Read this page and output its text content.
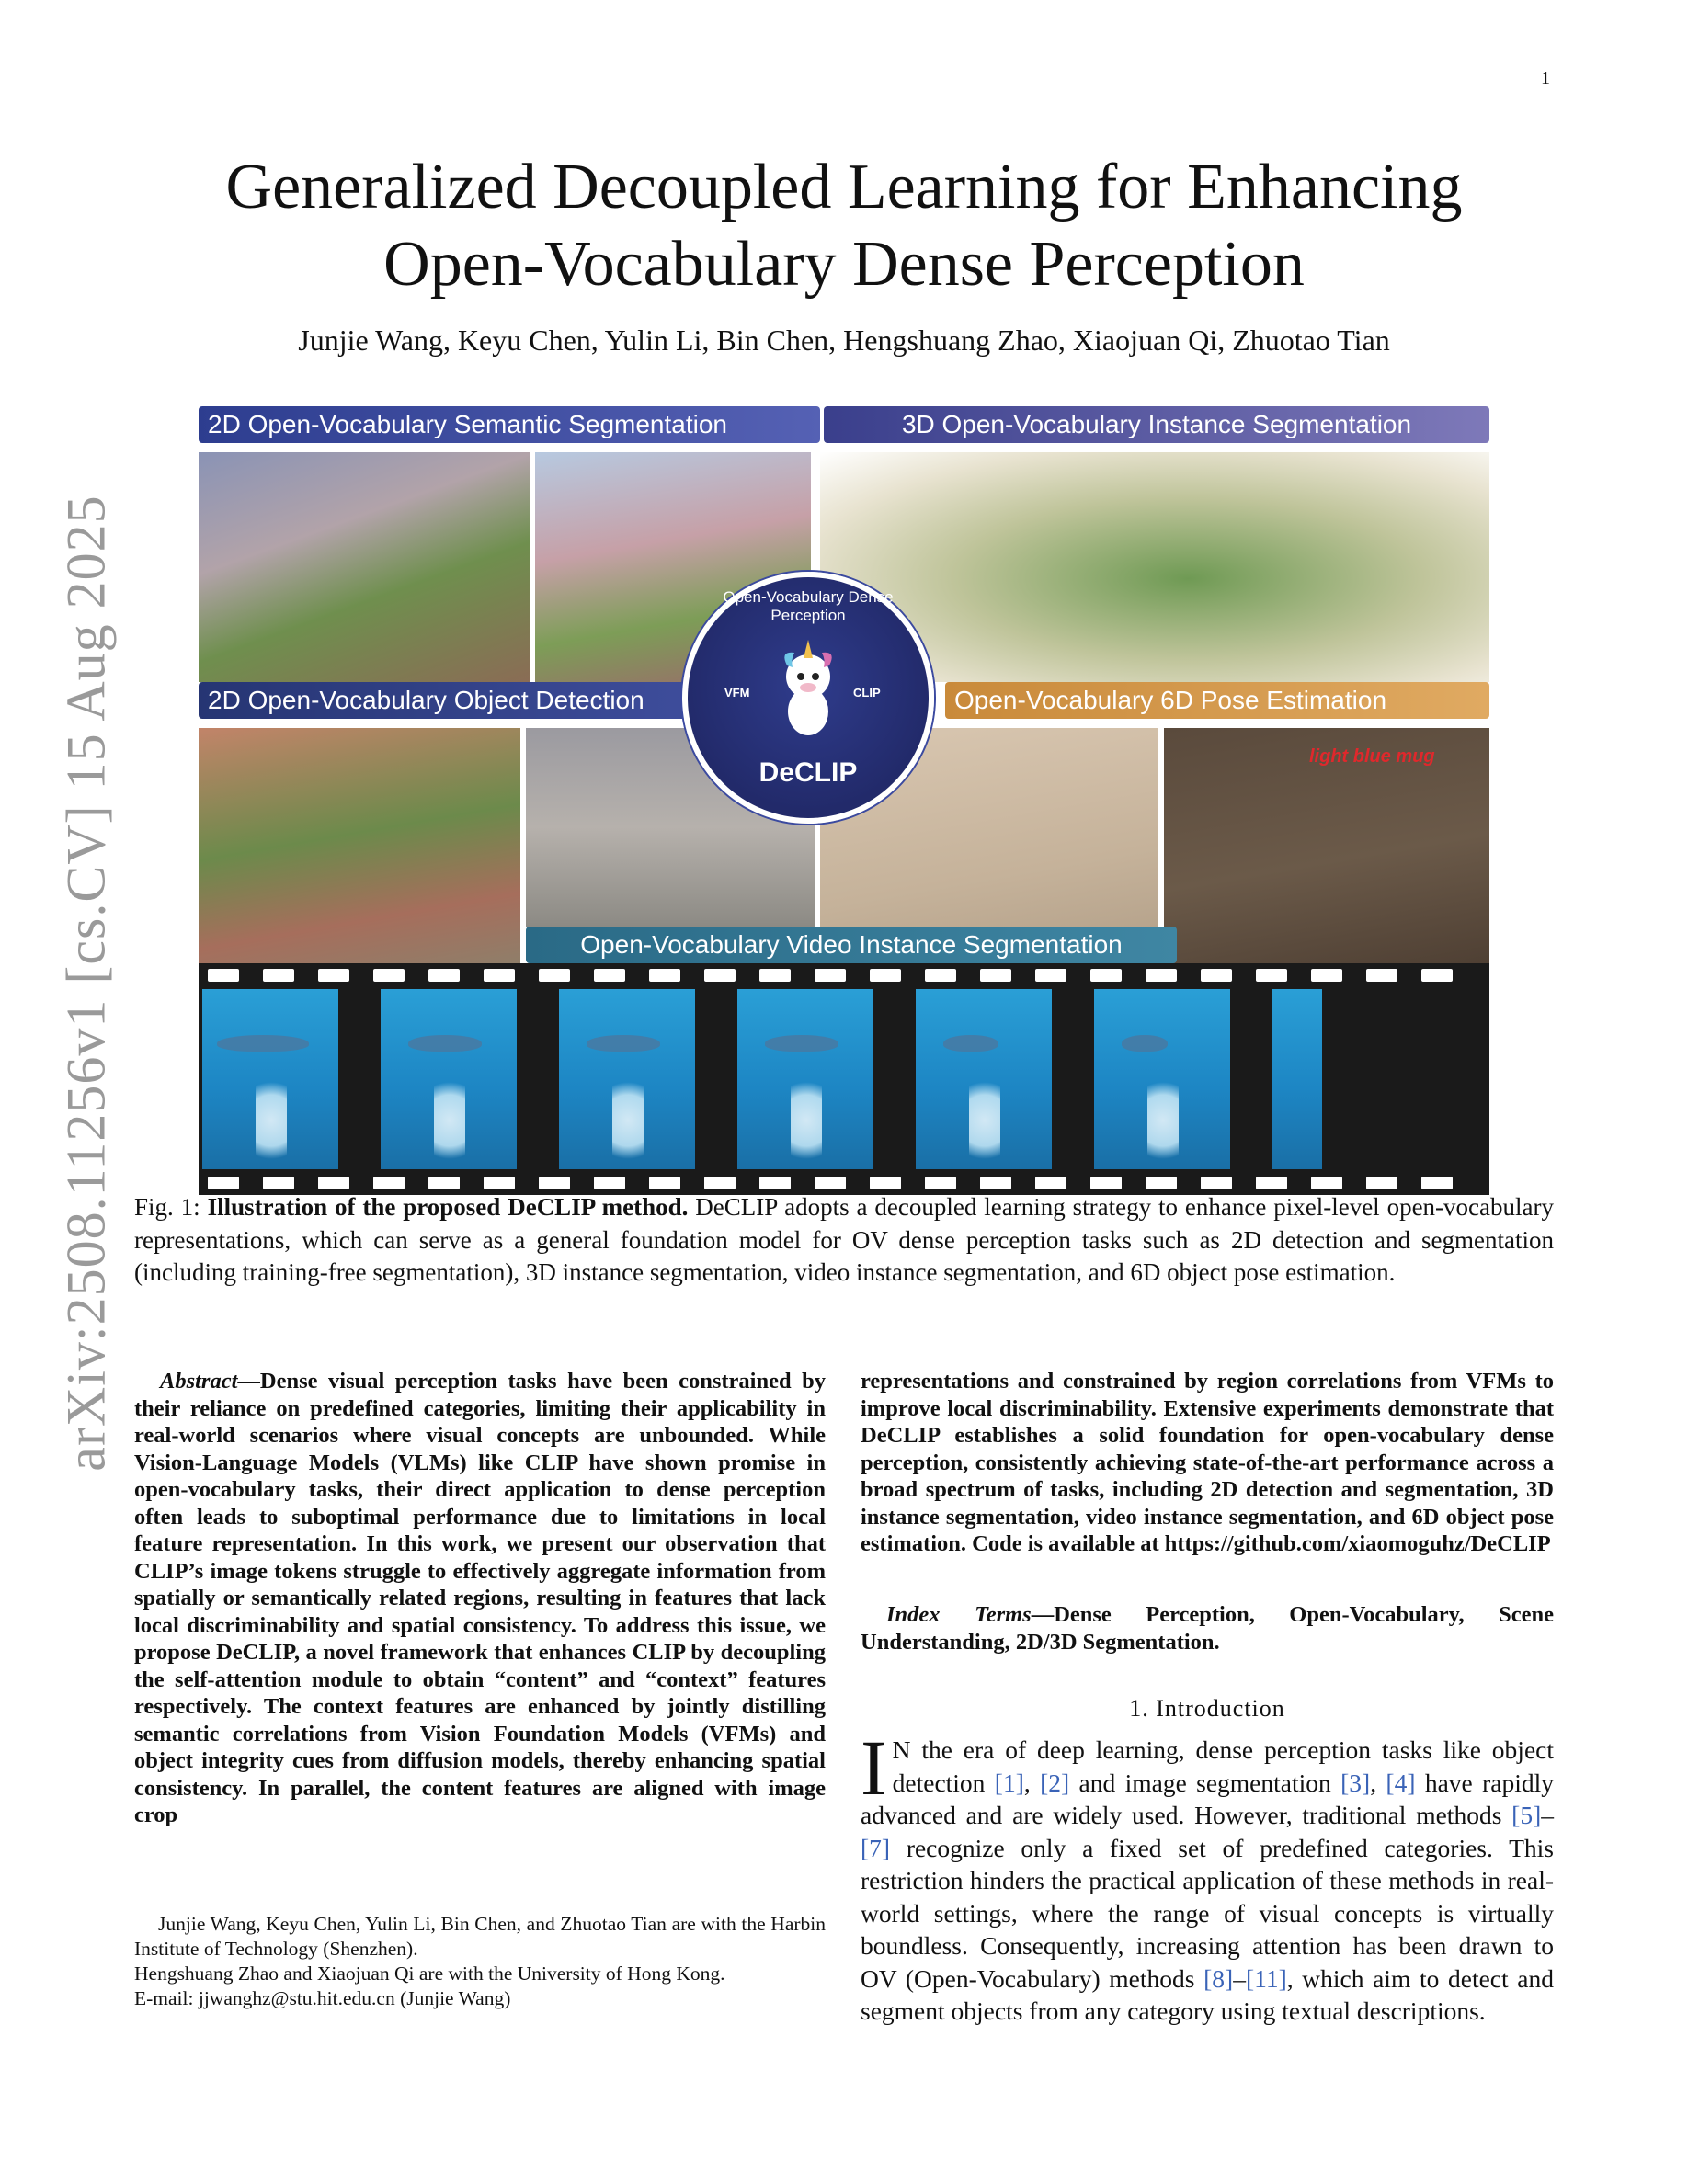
1
arXiv:2508.11256v1 [cs.CV] 15 Aug 2025
Generalized Decoupled Learning for Enhancing
Open-Vocabulary Dense Perception
Junjie Wang, Keyu Chen, Yulin Li, Bin Chen, Hengshuang Zhao, Xiaojuan Qi, Zhuotao Tian
2D Open-Vocabulary Semantic Segmentation	3D Open-Vocabulary Instance Segmentation
2D Open-Vocabulary Object Detection	Open-Vocabulary 6D Pose Estimation
light blue mug
Open-Vocabulary Video Instance Segmentation
Open-Vocabulary Dense Perception
VFM	CLIP
DeCLIP
Fig. 1: Illustration of the proposed DeCLIP method. DeCLIP adopts a decoupled learning strategy to enhance pixel-level open-vocabulary representations, which can serve as a general foundation model for OV dense perception tasks such as 2D detection and segmentation (including training-free segmentation), 3D instance segmentation, video instance segmentation, and 6D object pose estimation.
Abstract—Dense visual perception tasks have been constrained by their reliance on predefined categories, limiting their applicability in real-world scenarios where visual concepts are unbounded. While Vision-Language Models (VLMs) like CLIP have shown promise in open-vocabulary tasks, their direct application to dense perception often leads to suboptimal performance due to limitations in local feature representation. In this work, we present our observation that CLIP’s image tokens struggle to effectively aggregate information from spatially or semantically related regions, resulting in features that lack local discriminability and spatial consistency. To address this issue, we propose DeCLIP, a novel framework that enhances CLIP by decoupling the self-attention module to obtain “content” and “context” features respectively. The context features are enhanced by jointly distilling semantic correlations from Vision Foundation Models (VFMs) and object integrity cues from diffusion models, thereby enhancing spatial consistency. In parallel, the content features are aligned with image crop
representations and constrained by region correlations from VFMs to improve local discriminability. Extensive experiments demonstrate that DeCLIP establishes a solid foundation for open-vocabulary dense perception, consistently achieving state-of-the-art performance across a broad spectrum of tasks, including 2D detection and segmentation, 3D instance segmentation, video instance segmentation, and 6D object pose estimation. Code is available at https://github.com/xiaomoguhz/DeCLIP
Index Terms—Dense Perception, Open-Vocabulary, Scene Understanding, 2D/3D Segmentation.
1. Introduction
I N the era of deep learning, dense perception tasks like object detection [1], [2] and image segmentation [3], [4] have rapidly advanced and are widely used. However, traditional methods [5]–[7] recognize only a fixed set of predefined categories. This restriction hinders the practical application of these methods in real-world settings, where the range of visual concepts is virtually boundless. Consequently, increasing attention has been drawn to OV (Open-Vocabulary) methods [8]–[11], which aim to detect and segment objects from any category using textual descriptions.

Junjie Wang, Keyu Chen, Yulin Li, Bin Chen, and Zhuotao Tian are with the Harbin Institute of Technology (Shenzhen).

Hengshuang Zhao and Xiaojuan Qi are with the University of Hong Kong.

E-mail: jjwanghz@stu.hit.edu.cn (Junjie Wang)
